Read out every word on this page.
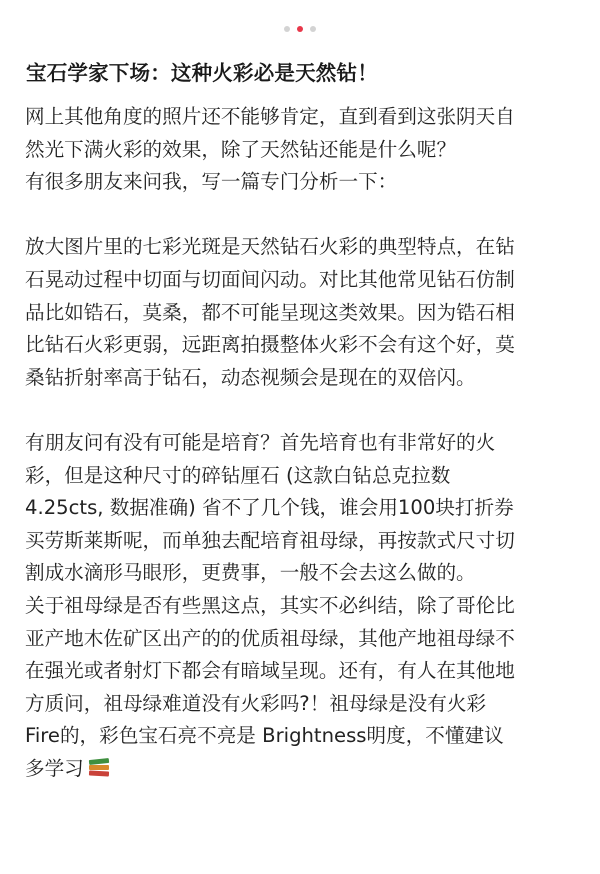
宝石学家下场：这种火彩必是天然钻！
网上其他角度的照片还不能够肯定，直到看到这张阴天自
然光下满火彩的效果，除了天然钻还能是什么呢？
有很多朋友来问我，写一篇专门分析一下：
放大图片里的七彩光斑是天然钻石火彩的典型特点，在钻
石晃动过程中切面与切面间闪动。对比其他常见钻石仿制
品比如锆石，莫桑，都不可能呈现这类效果。因为锆石相
比钻石火彩更弱，远距离拍摄整体火彩不会有这个好，莫
桑钻折射率高于钻石，动态视频会是现在的双倍闪。
有朋友问有没有可能是培育？首先培育也有非常好的火
彩，但是这种尺寸的碎钻厘石 (这款白钻总克拉数
4.25cts, 数据准确) 省不了几个钱，谁会用100块打折券
买劳斯莱斯呢，而单独去配培育祖母绿，再按款式尺寸切
割成水滴形马眼形，更费事，一般不会去这么做的。
关于祖母绿是否有些黑这点，其实不必纠结，除了哥伦比
亚产地木佐矿区出产的的优质祖母绿，其他产地祖母绿不
在强光或者射灯下都会有暗域呈现。还有，有人在其他地
方质问，祖母绿难道没有火彩吗?！祖母绿是没有火彩
Fire的，彩色宝石亮不亮是 Brightness明度，不懂建议
多学习
